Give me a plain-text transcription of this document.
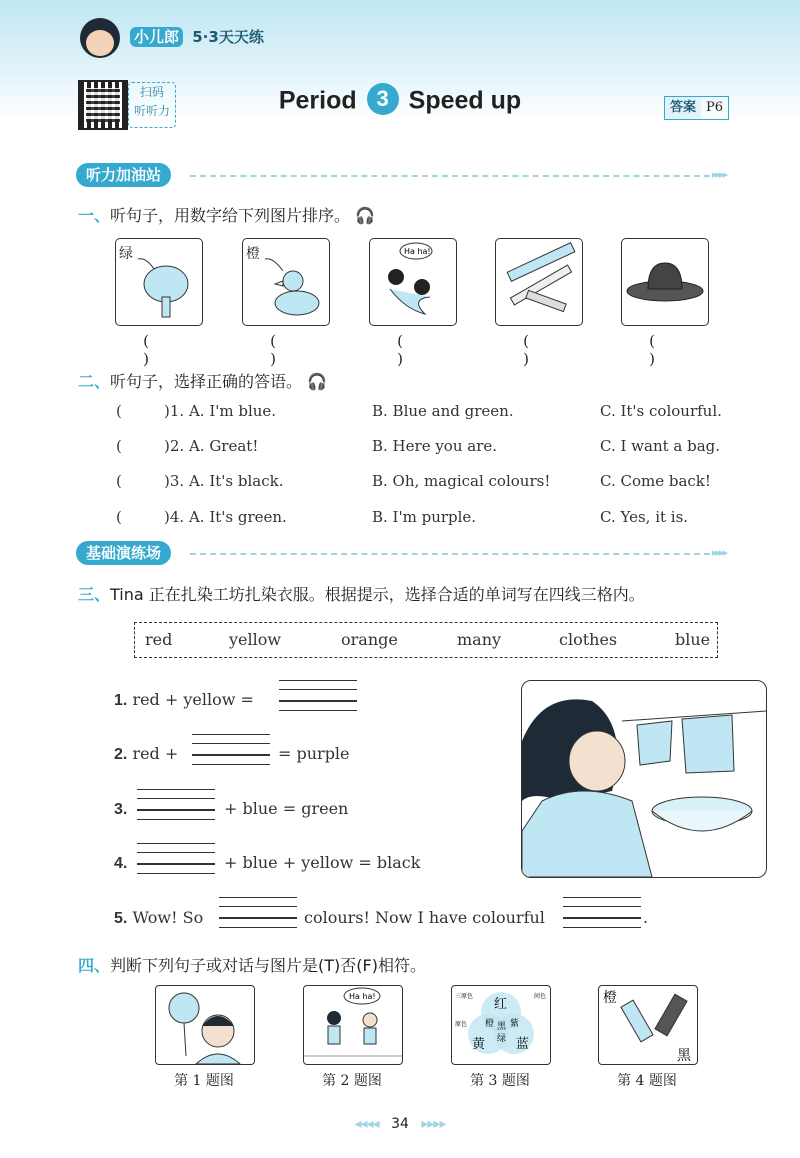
小儿郎 5·3天天练
扫码
听听力	Period 3 Speed up	答案 P6
听力加油站	▸▸▸▸
一、听句子，用数字给下列图片排序。 🎧
绿	橙	Ha ha!
( )
( )
( )
( )
( )
二、听句子，选择正确的答语。 🎧
(	)1. A. I'm blue.	B. Blue and green.	C. It's colourful.
(	)2. A. Great!	B. Here you are.	C. I want a bag.
(	)3. A. It's black.	B. Oh, magical colours!	C. Come back!
(	)4. A. It's green.	B. I'm purple.	C. Yes, it is.
基础演练场	▸▸▸▸
三、Tina 正在扎染工坊扎染衣服。根据提示，选择合适的单词写在四线三格内。
red	yellow	orange	many	clothes	blue
1. red + yellow =
2. red +	= purple
3.	+ blue = green
4.	+ blue + yellow = black
5. Wow! So	colours! Now I have colourful	.
四、判断下列句子或对话与图片是(T)否(F)相符。
Ha ha!
红
橙 紫
黑
绿
黄 蓝
三原色
原色
间色	橙
黑
第 1 题图	第 2 题图	第 3 题图	第 4 题图
◂◂◂◂ 34 ▸▸▸▸
